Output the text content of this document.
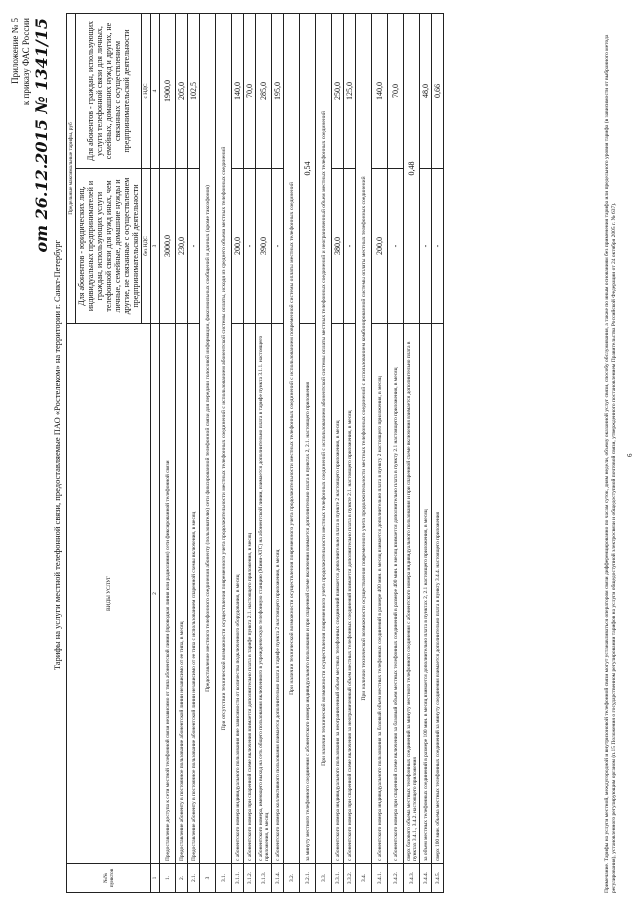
Приложение № 5 к приказу ФАС России от 26.12.2015 № 1341/15
Тарифы на услуги местной телефонной связи, предоставляемые ПАО «Ростелеком» на территории г. Санкт-Петербург
№№ пунктов	ВИДЫ УСЛУГ	Предельные максимальные тарифы, руб	
		Для абонентов - юридических лиц, индивидуальных предпринимателей и граждан, использующих услуги телефонной связи для нужд иных, чем личные, семейные, домашние нужды и другие, не связанные с осуществлением предпринимательской деятельности	Для абонентов - граждан, использующих услуги телефонной связи для личных, семейных, домашних нужд и других, не связанных с осуществлением предпринимательской деятельности
		без НДС	с НДС
1	2	3	4
1.	Предоставление доступа к сети местной телефонной связи независимо от типа абонентской линии (проводная линия или радиолиния) сети фиксированной телефонной связи	3000,0	1900,0
2.	Предоставление абоненту в постоянное пользование абонентской линии независимо от ее типа, в месяц	230,0	205,0
2.1.	Предоставление абоненту в постоянное пользование абонентской линии независимо от ее типа с использованием спаренной схемы включения, в месяц	-	102,5
3	Предоставление местного телефонного соединения абоненту (пользователю) сети фиксированной телефонной связи для передачи голосовой информации, факсимильных сообщений и данных (кроме таксофонов)		
3.1.	При отсутствии технической возможности осуществления повременного учета продолжительности местных телефонных соединений с использованием абонентской системы оплаты, исходя из среднего объема местных телефонных соединений		
3.1.1.	с абонентского номера индивидуального пользования вне зависимости от количества подключенного оборудования, в месяц	200,0	140,0
3.1.2.	с абонентского номера при спаренной схеме включения взимается дополнительно плата в тарифе пункта 2.1. настоящего приложения, в месяц	-	70,0
3.1.3.	с абонентского номера, имеющего выход на сеть общего пользования включенного в учрежденческую телефонную станцию (Mини-АТС) на абонентской линии, взимается дополнительно плата в тарифе пункта 3.1.1. настоящего приложения, в месяц	390,0	285,0
3.1.4.	с абонентского номера коллективного пользования взимается дополнительно плата в тарифе пункта 2 настоящего приложения, в месяц	-	195,0
3.2.	При наличии технической возможности осуществления повременного учета продолжительности местных телефонных соединений с использованием повременной системы оплаты местных телефонных соединений		
3.2.1.	за минуту местного телефонного соединения с абонентского номера индивидуального пользования и при спаренной схеме включения взимается дополнительно плата в пунктах 2, 2.1. настоящего приложения	0,54	
3.3.	При наличии технической возможности осуществления повременного учета продолжительности местных телефонных соединений с использованием абонентской системы оплаты местных телефонных соединений и неограниченный объем местных телефонных соединений		
3.3.1.	с абонентского номера индивидуального пользования за неограниченный объем местных телефонных соединений взимается дополнительно плата в пункте 2 настоящего приложения, в месяц	380,0	250,0
3.3.2.	с абонентского номера при спаренной схеме включения за неограниченный объем местных телефонных соединений взимается дополнительно плата в пункте 2.1. настоящего приложения, в месяц	-	125,0
3.4.	При наличии технической возможности осуществления повременного учета продолжительности местных телефонных соединений с использованием комбинированной системы оплаты местных телефонных соединений		
3.4.1.	с абонентского номера индивидуального пользования за базовый объем местных телефонных соединений в размере 400 мин. в месяц взимается дополнительно плата в пункту 2 настоящего приложения, в месяц	200,0	140,0
3.4.2.	с абонентского номера при спаренной схеме включения за базовый объем местных телефонных соединений в размере 400 мин. в месяц взимается дополнительно плата в пункту 2.1 настоящего приложения, в месяц	-	70,0
3.4.3.	сверх базового объема местных телефонных соединений за минуту местного телефонного соединения с абонентского номера индивидуального пользования и при спаренной схеме включения взимается дополнительно плата в пунктах 3.4.1., 3.4.2. настоящего приложения	0,48	
3.4.4.	за объем местных телефонных соединений в размере 100 мин. в месяц взимается дополнительно плата в пунктах 2, 2.1 настоящего приложения, в месяц	-	48,0
3.4.5.	сверх 100 мин. объема местных телефонных соединений за минуту соединения взимается дополнительно плата в пункту 3.4.4. настоящего приложения	-	0,66	Примечание. Тарифы на услуги местной, междугородной и внутризоновой телефонной связи могут устанавливаться оператором связи дифференцированно по часам суток, дням недели, объему оказанной услуг связи, способу обслуживания, а также по иным основаниям без применения тарифа или предельного уровня тарифа (в зависимости от выбранного метода регулирования), установленного регулирующим органом (п.15 Положения о государственном регулировании тарифов на услуги общедоступной электросвязи и общедоступной почтовой связи, утвержденного постановлением Правительства Российской Федерации от 24 октября 2005 г. № 637). 6
